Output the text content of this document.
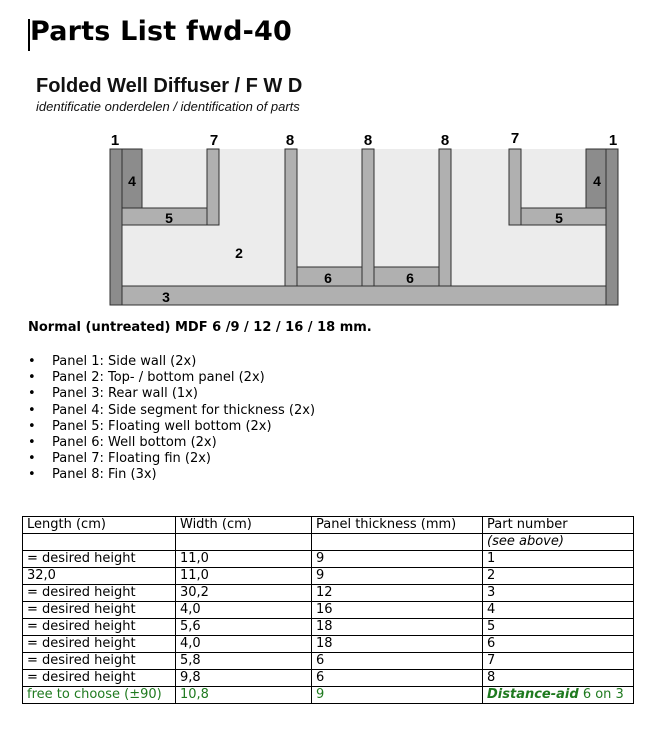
Parts List fwd-40
Folded Well Diffuser / F W D
identificatie onderdelen / identification of parts
1	7	8	8	8	7	1
4
5
2
6	6
4
5
3
Normal (untreated) MDF 6 /9 / 12 / 16 / 18 mm.
• Panel 1: Side wall (2x)
• Panel 2: Top- / bottom panel (2x)
• Panel 3: Rear wall (1x)
• Panel 4: Side segment for thickness (2x)
• Panel 5: Floating well bottom (2x)
• Panel 6: Well bottom (2x)
• Panel 7: Floating fin (2x)
• Panel 8: Fin (3x)
Length (cm)	Width (cm)	Panel thickness (mm)	Part number
			(see above)
= desired height	11,0	9	1
32,0	11,0	9	2
= desired height	30,2	12	3
= desired height	4,0	16	4
= desired height	5,6	18	5
= desired height	4,0	18	6
= desired height	5,8	6	7
= desired height	9,8	6	8
free to choose (±90)	10,8	9	Distance-aid 6 on 3
